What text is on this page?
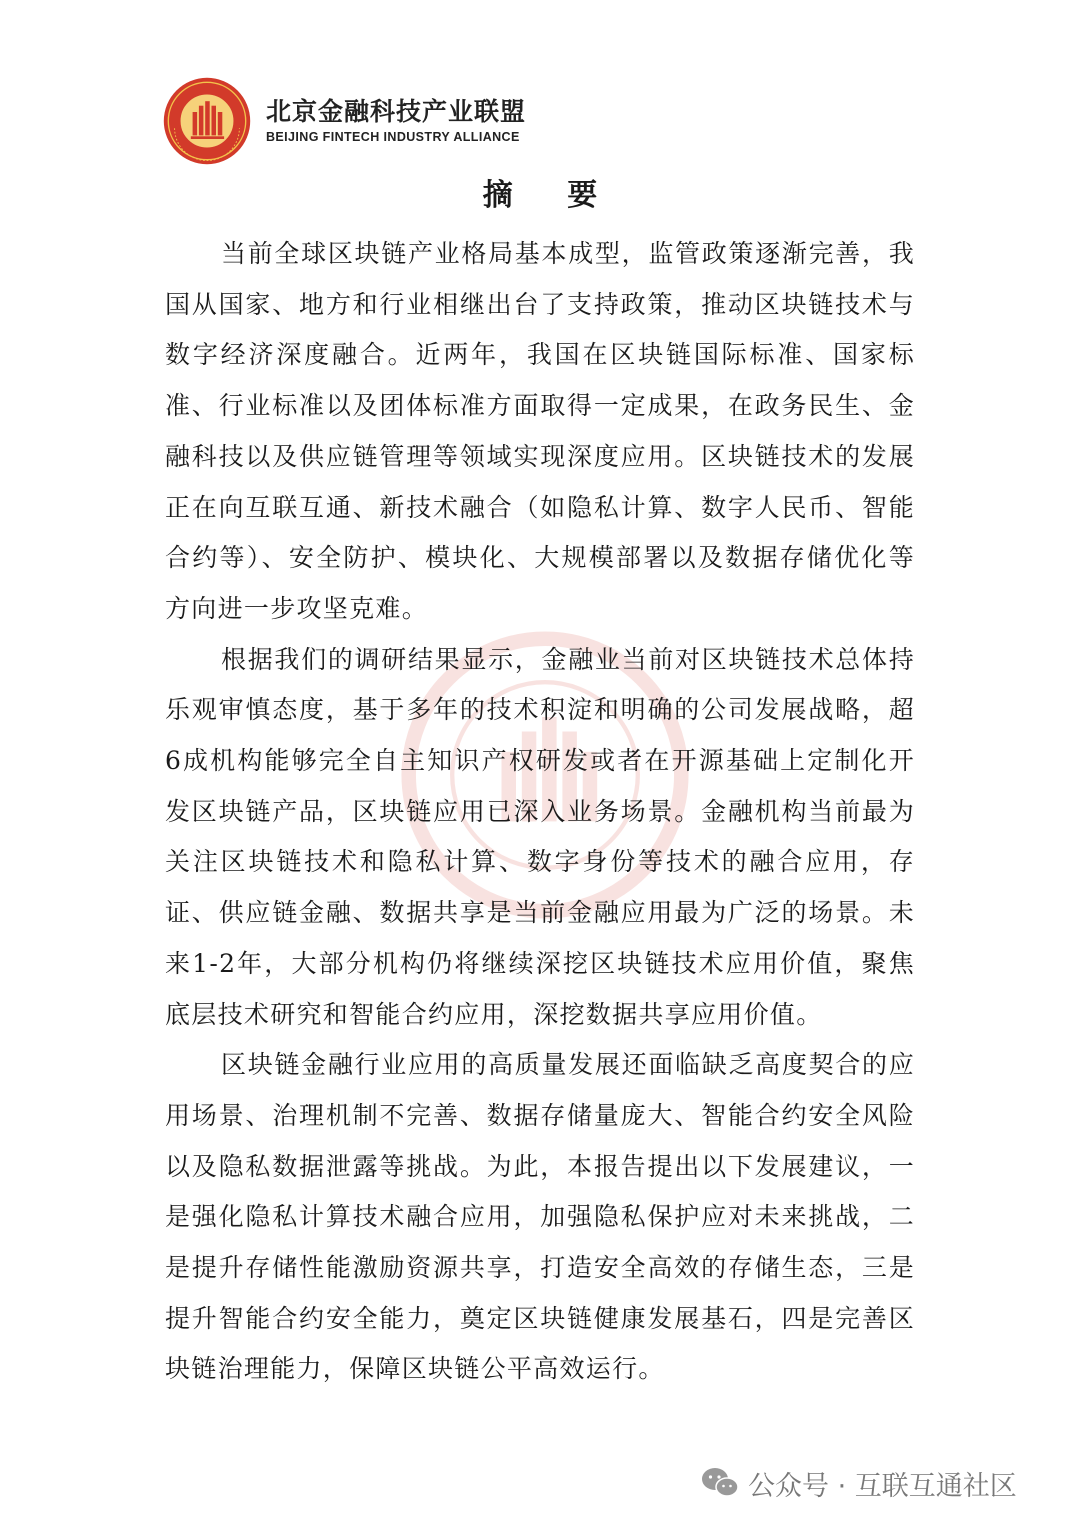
北京金融科技产业联盟
BEIJING FINTECH INDUSTRY ALLIANCE
摘 要

当前全球区块链产业格局基本成型，监管政策逐渐完善，我国从国家、地方和行业相继出台了支持政策，推动区块链技术与数字经济深度融合。近两年，我国在区块链国际标准、国家标准、行业标准以及团体标准方面取得一定成果，在政务民生、金融科技以及供应链管理等领域实现深度应用。区块链技术的发展正在向互联互通、新技术融合（如隐私计算、数字人民币、智能合约等）、安全防护、模块化、大规模部署以及数据存储优化等方向进一步攻坚克难。

根据我们的调研结果显示，金融业当前对区块链技术总体持乐观审慎态度，基于多年的技术积淀和明确的公司发展战略，超6成机构能够完全自主知识产权研发或者在开源基础上定制化开发区块链产品，区块链应用已深入业务场景。金融机构当前最为关注区块链技术和隐私计算、数字身份等技术的融合应用，存证、供应链金融、数据共享是当前金融应用最为广泛的场景。未来1-2年，大部分机构仍将继续深挖区块链技术应用价值，聚焦底层技术研究和智能合约应用，深挖数据共享应用价值。

区块链金融行业应用的高质量发展还面临缺乏高度契合的应用场景、治理机制不完善、数据存储量庞大、智能合约安全风险以及隐私数据泄露等挑战。为此，本报告提出以下发展建议，一是强化隐私计算技术融合应用，加强隐私保护应对未来挑战，二是提升存储性能激励资源共享，打造安全高效的存储生态，三是提升智能合约安全能力，奠定区块链健康发展基石，四是完善区块链治理能力，保障区块链公平高效运行。

公众号 · 互联互通社区
